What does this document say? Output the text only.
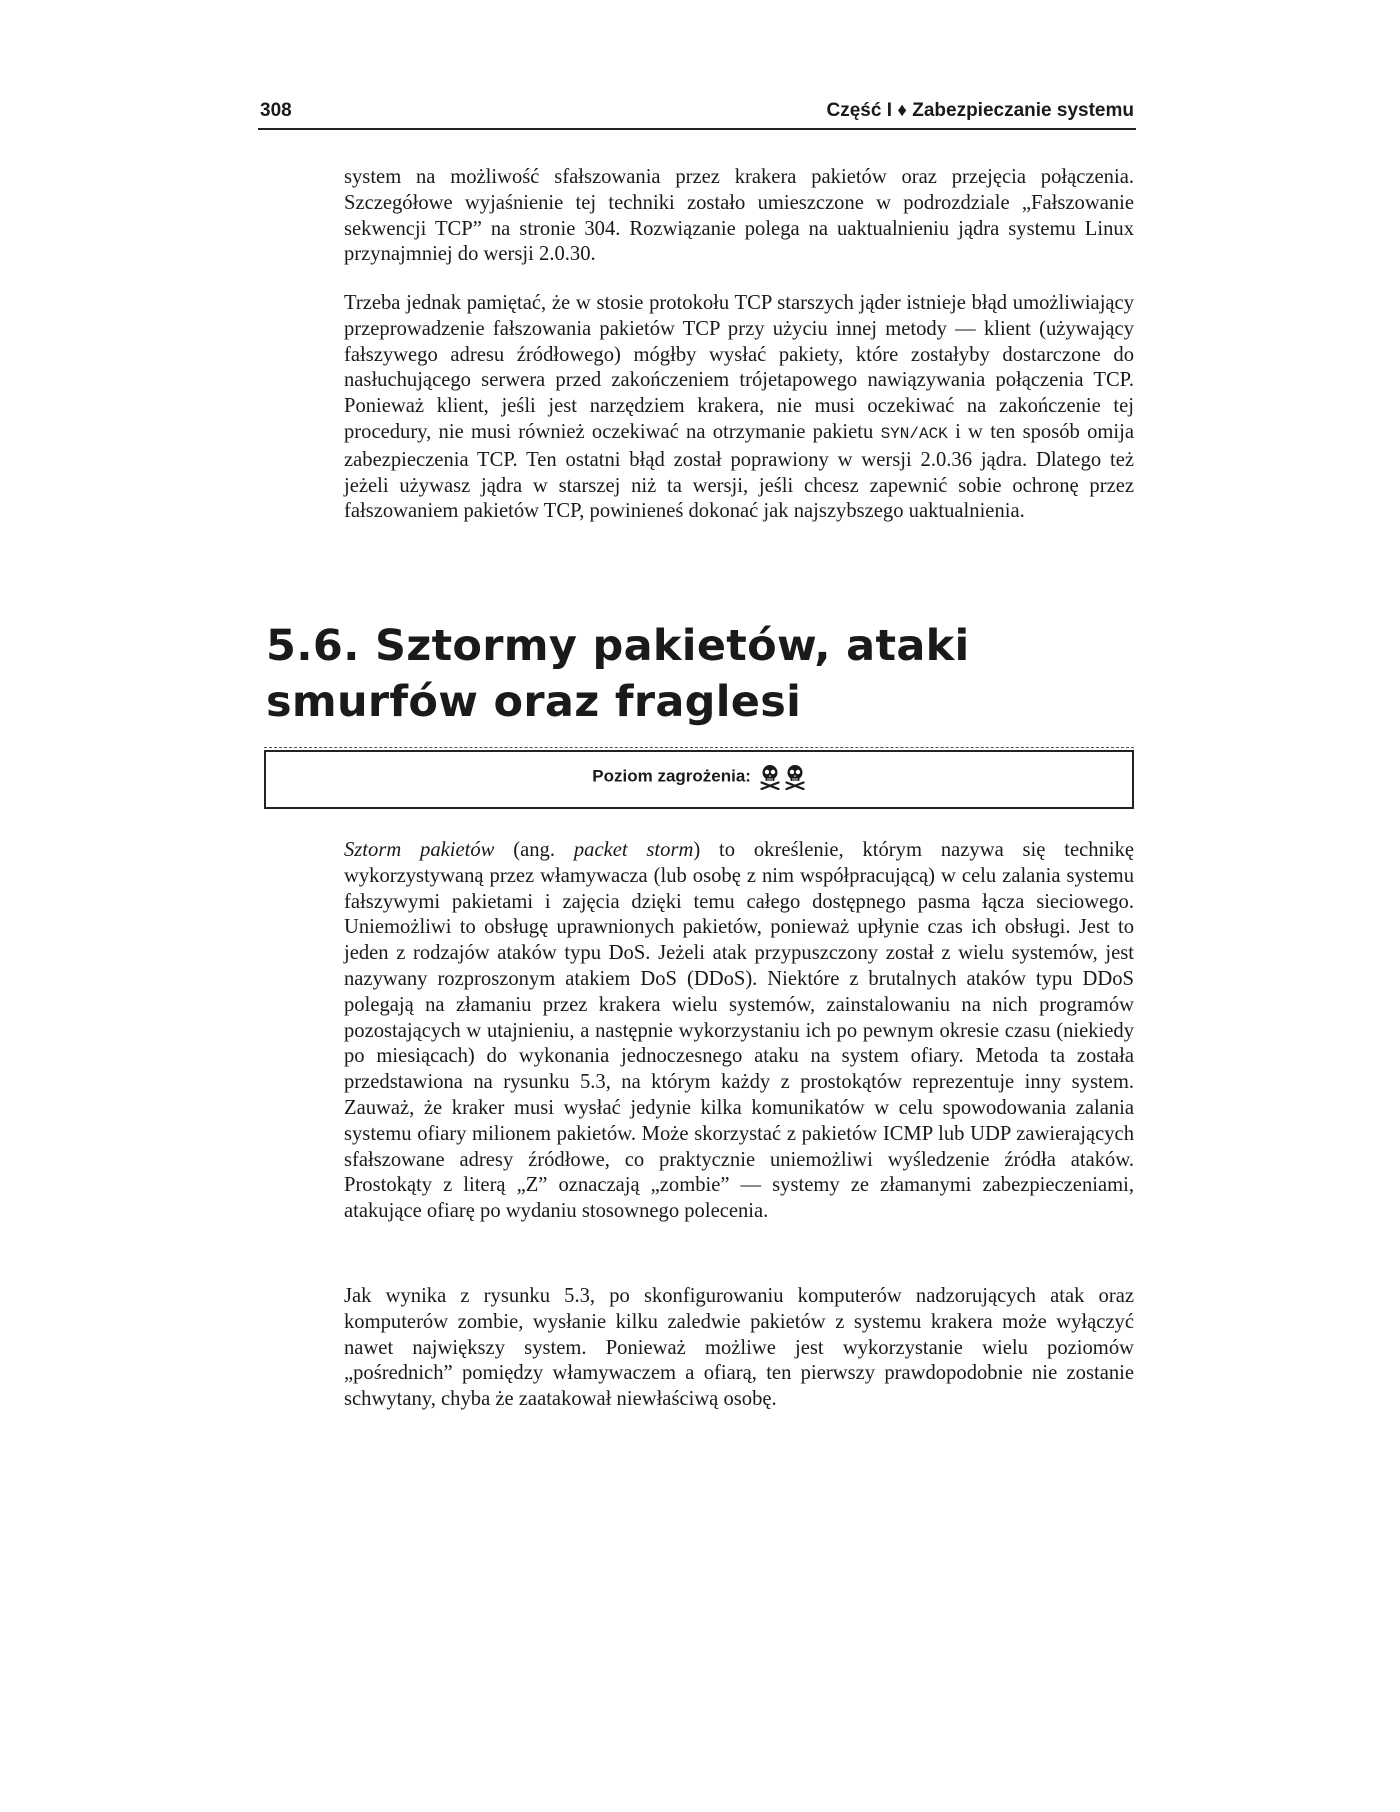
308	Część I ♦ Zabezpieczanie systemu

system na możliwość sfałszowania przez krakera pakietów oraz przejęcia połączenia. Szczegółowe wyjaśnienie tej techniki zostało umieszczone w podrozdziale „Fałszowanie sekwencji TCP” na stronie 304. Rozwiązanie polega na uaktualnieniu jądra systemu Linux przynajmniej do wersji 2.0.30.

Trzeba jednak pamiętać, że w stosie protokołu TCP starszych jąder istnieje błąd umożliwiający przeprowadzenie fałszowania pakietów TCP przy użyciu innej metody — klient (używający fałszywego adresu źródłowego) mógłby wysłać pakiety, które zostałyby dostarczone do nasłuchującego serwera przed zakończeniem trójetapowego nawiązywania połączenia TCP. Ponieważ klient, jeśli jest narzędziem krakera, nie musi oczekiwać na zakończenie tej procedury, nie musi również oczekiwać na otrzymanie pakietu SYN/ACK i w ten sposób omija zabezpieczenia TCP. Ten ostatni błąd został poprawiony w wersji 2.0.36 jądra. Dlatego też jeżeli używasz jądra w starszej niż ta wersji, jeśli chcesz zapewnić sobie ochronę przez fałszowaniem pakietów TCP, powinieneś dokonać jak najszybszego uaktualnienia.

5.6. Sztormy pakietów, ataki smurfów oraz fraglesi
Poziom zagrożenia:

Sztorm pakietów (ang. packet storm) to określenie, którym nazywa się technikę wykorzystywaną przez włamywacza (lub osobę z nim współpracującą) w celu zalania systemu fałszywymi pakietami i zajęcia dzięki temu całego dostępnego pasma łącza sieciowego. Uniemożliwi to obsługę uprawnionych pakietów, ponieważ upłynie czas ich obsługi. Jest to jeden z rodzajów ataków typu DoS. Jeżeli atak przypuszczony został z wielu systemów, jest nazywany rozproszonym atakiem DoS (DDoS). Niektóre z brutalnych ataków typu DDoS polegają na złamaniu przez krakera wielu systemów, zainstalowaniu na nich programów pozostających w utajnieniu, a następnie wykorzystaniu ich po pewnym okresie czasu (niekiedy po miesiącach) do wykonania jednoczesnego ataku na system ofiary. Metoda ta została przedstawiona na rysunku 5.3, na którym każdy z prostokątów reprezentuje inny system. Zauważ, że kraker musi wysłać jedynie kilka komunikatów w celu spowodowania zalania systemu ofiary milionem pakietów. Może skorzystać z pakietów ICMP lub UDP zawierających sfałszowane adresy źródłowe, co praktycznie uniemożliwi wyśledzenie źródła ataków. Prostokąty z literą „Z” oznaczają „zombie” — systemy ze złamanymi zabezpieczeniami, atakujące ofiarę po wydaniu stosownego polecenia.

Jak wynika z rysunku 5.3, po skonfigurowaniu komputerów nadzorujących atak oraz komputerów zombie, wysłanie kilku zaledwie pakietów z systemu krakera może wyłączyć nawet największy system. Ponieważ możliwe jest wykorzystanie wielu poziomów „pośrednich” pomiędzy włamywaczem a ofiarą, ten pierwszy prawdopodobnie nie zostanie schwytany, chyba że zaatakował niewłaściwą osobę.
